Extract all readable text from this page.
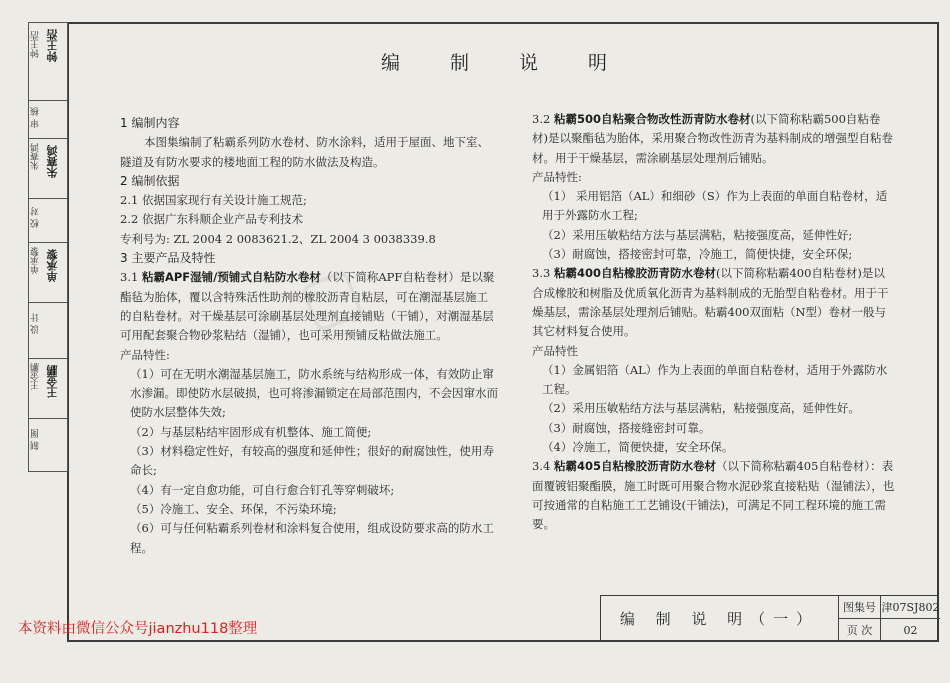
▢
钟王浩 钟王浩
审 核
朱赛鸿 朱赛鸿
校 对
单承黎 单承黎
设 计
王金鹏 王金鹏
制 图
编 制 说 明

1 编制内容

本图集编制了粘霸系列防水卷材、防水涂料，适用于屋面、地下室、隧道及有防水要求的楼地面工程的防水做法及构造。

2 编制依据

2.1 依据国家现行有关设计施工规范;

2.2 依据广东科顺企业产品专利技术

专利号为: ZL 2004 2 0083621.2、ZL 2004 3 0038339.8

3 主要产品及特性

3.1 粘霸APF湿铺/预铺式自粘防水卷材（以下简称APF自粘卷材）是以聚酯毡为胎体，覆以含特殊活性助剂的橡胶沥青自粘层，可在潮湿基层施工的自粘卷材。对干燥基层可涂刷基层处理剂直接铺贴（干铺），对潮湿基层可用配套聚合物砂浆粘结（湿铺），也可采用预铺反粘做法施工。

产品特性:

（1）可在无明水潮湿基层施工，防水系统与结构形成一体，有效防止窜水渗漏。即使防水层破损，也可将渗漏锁定在局部范围内，不会因窜水而使防水层整体失效;

（2）与基层粘结牢固形成有机整体、施工简便;

（3）材料稳定性好，有较高的强度和延伸性；很好的耐腐蚀性，使用寿命长;

（4）有一定自愈功能，可自行愈合钉孔等穿刺破坏;

（5）冷施工、安全、环保，不污染环境;

（6）可与任何粘霸系列卷材和涂料复合使用，组成设防要求高的防水工程。

3.2 粘霸500自粘聚合物改性沥青防水卷材(以下简称粘霸500自粘卷材)是以聚酯毡为胎体，采用聚合物改性沥青为基料制成的增强型自粘卷材。用于干燥基层，需涂刷基层处理剂后铺贴。

产品特性:

（1） 采用铝箔（AL）和细砂（S）作为上表面的单面自粘卷材，适用于外露防水工程;

（2）采用压敏粘结方法与基层满粘，粘接强度高，延伸性好;

（3）耐腐蚀，搭接密封可靠，冷施工，简便快捷，安全环保;

3.3 粘霸400自粘橡胶沥青防水卷材(以下简称粘霸400自粘卷材)是以合成橡胶和树脂及优质氧化沥青为基料制成的无胎型自粘卷材。用于干燥基层，需涂基层处理剂后铺贴。粘霸400双面粘（N型）卷材一般与其它材料复合使用。

产品特性

（1）金属铝箔（AL）作为上表面的单面自粘卷材，适用于外露防水工程。

（2）采用压敏粘结方法与基层满粘，粘接强度高，延伸性好。

（3）耐腐蚀，搭接缝密封可靠。

（4）冷施工，简便快捷，安全环保。

3.4 粘霸405自粘橡胶沥青防水卷材（以下简称粘霸405自粘卷材）：表面覆镀铝聚酯膜，施工时既可用聚合物水泥砂浆直接粘贴（湿铺法），也可按通常的自粘施工工艺铺设(干铺法)，可满足不同工程环境的施工需要。

编 制 说 明（一）
图集号 津07SJ802
页 次	02
本资料由微信公众号jianzhu118整理
